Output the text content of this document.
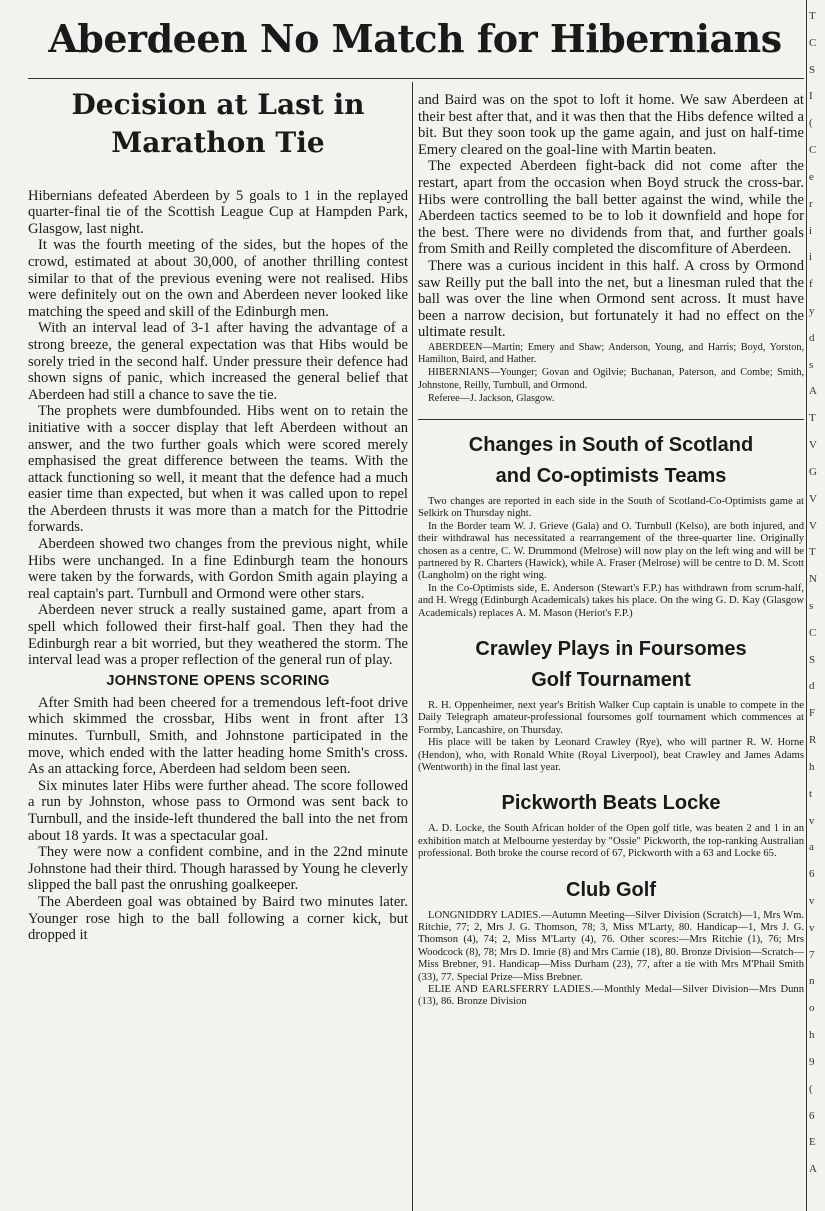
Aberdeen No Match for Hibernians
Decision at Last in
Marathon Tie

Hibernians defeated Aberdeen by 5 goals to 1 in the replayed quarter-final tie of the Scottish League Cup at Hampden Park, Glasgow, last night.

It was the fourth meeting of the sides, but the hopes of the crowd, estimated at about 30,000, of another thrilling contest similar to that of the previous evening were not realised. Hibs were definitely out on the own and Aberdeen never looked like matching the speed and skill of the Edinburgh men.

With an interval lead of 3-1 after having the advantage of a strong breeze, the general expectation was that Hibs would be sorely tried in the second half. Under pressure their defence had shown signs of panic, which increased the general belief that Aberdeen had still a chance to save the tie.

The prophets were dumbfounded. Hibs went on to retain the initiative with a soccer display that left Aberdeen without an answer, and the two further goals which were scored merely emphasised the great difference between the teams. With the attack functioning so well, it meant that the defence had a much easier time than expected, but when it was called upon to repel the Aberdeen thrusts it was more than a match for the Pittodrie forwards.

Aberdeen showed two changes from the previous night, while Hibs were unchanged. In a fine Edinburgh team the honours were taken by the forwards, with Gordon Smith again playing a real captain's part. Turnbull and Ormond were other stars.

Aberdeen never struck a really sustained game, apart from a spell which followed their first-half goal. Then they had the Edinburgh rear a bit worried, but they weathered the storm. The interval lead was a proper reflection of the general run of play.

JOHNSTONE OPENS SCORING

After Smith had been cheered for a tremendous left-foot drive which skimmed the crossbar, Hibs went in front after 13 minutes. Turnbull, Smith, and Johnstone participated in the move, which ended with the latter heading home Smith's cross. As an attacking force, Aberdeen had seldom been seen.

Six minutes later Hibs were further ahead. The score followed a run by Johnston, whose pass to Ormond was sent back to Turnbull, and the inside-left thundered the ball into the net from about 18 yards. It was a spectacular goal.

They were now a confident combine, and in the 22nd minute Johnstone had their third. Though harassed by Young he cleverly slipped the ball past the onrushing goalkeeper.

The Aberdeen goal was obtained by Baird two minutes later. Younger rose high to the ball following a corner kick, but dropped it

and Baird was on the spot to loft it home. We saw Aberdeen at their best after that, and it was then that the Hibs defence wilted a bit. But they soon took up the game again, and just on half-time Emery cleared on the goal-line with Martin beaten.

The expected Aberdeen fight-back did not come after the restart, apart from the occasion when Boyd struck the cross-bar. Hibs were controlling the ball better against the wind, while the Aberdeen tactics seemed to be to lob it downfield and hope for the best. There were no dividends from that, and further goals from Smith and Reilly completed the discomfiture of Aberdeen.

There was a curious incident in this half. A cross by Ormond saw Reilly put the ball into the net, but a linesman ruled that the ball was over the line when Ormond sent across. It must have been a narrow decision, but fortunately it had no effect on the ultimate result.

ABERDEEN—Martin; Emery and Shaw; Anderson, Young, and Harris; Boyd, Yorston, Hamilton, Baird, and Hather.

HIBERNIANS—Younger; Govan and Ogilvie; Buchanan, Paterson, and Combe; Smith, Johnstone, Reilly, Turnbull, and Ormond.

Referee—J. Jackson, Glasgow.

Changes in South of Scotland
and Co-optimists Teams

Two changes are reported in each side in the South of Scotland-Co-Optimists game at Selkirk on Thursday night.

In the Border team W. J. Grieve (Gala) and O. Turnbull (Kelso), are both injured, and their withdrawal has necessitated a rearrangement of the three-quarter line. Originally chosen as a centre, C. W. Drummond (Melrose) will now play on the left wing and will be partnered by R. Charters (Hawick), while A. Fraser (Melrose) will be centre to D. M. Scott (Langholm) on the right wing.

In the Co-Optimists side, E. Anderson (Stewart's F.P.) has withdrawn from scrum-half, and H. Wregg (Edinburgh Academicals) takes his place. On the wing G. D. Kay (Glasgow Academicals) replaces A. M. Mason (Heriot's F.P.)

Crawley Plays in Foursomes
Golf Tournament

R. H. Oppenheimer, next year's British Walker Cup captain is unable to compete in the Daily Telegraph amateur-professional foursomes golf tournament which commences at Formby, Lancashire, on Thursday.

His place will be taken by Leonard Crawley (Rye), who will partner R. W. Horne (Hendon), who, with Ronald White (Royal Liverpool), beat Crawley and James Adams (Wentworth) in the final last year.

Pickworth Beats Locke

A. D. Locke, the South African holder of the Open golf title, was beaten 2 and 1 in an exhibition match at Melbourne yesterday by "Ossie" Pickworth, the top-ranking Australian professional. Both broke the course record of 67, Pickworth with a 63 and Locke 65.

Club Golf

LONGNIDDRY LADIES.—Autumn Meeting—Silver Division (Scratch)—1, Mrs Wm. Ritchie, 77; 2, Mrs J. G. Thomson, 78; 3, Miss M'Larty, 80. Handicap—1, Mrs J. G. Thomson (4), 74; 2, Miss M'Larty (4), 76. Other scores:—Mrs Ritchie (1), 76; Mrs Woodcock (8), 78; Mrs D. Imrie (8) and Mrs Carnie (18), 80. Bronze Division—Scratch—Miss Brebner, 91. Handicap—Miss Durham (23), 77, after a tie with Mrs M'Phail Smith (33), 77. Special Prize—Miss Brebner.

ELIE AND EARLSFERRY LADIES.—Monthly Medal—Silver Division—Mrs Dunn (13), 86. Bronze Division

T
C
S
I
(
C
e
r
i
i
f
y
d
s
A
T
V
G
V
V
T
N
s
C
S
d
F
R
h
t
v
a
6
v
v
7
n
o
h
9
(
6
E
A
